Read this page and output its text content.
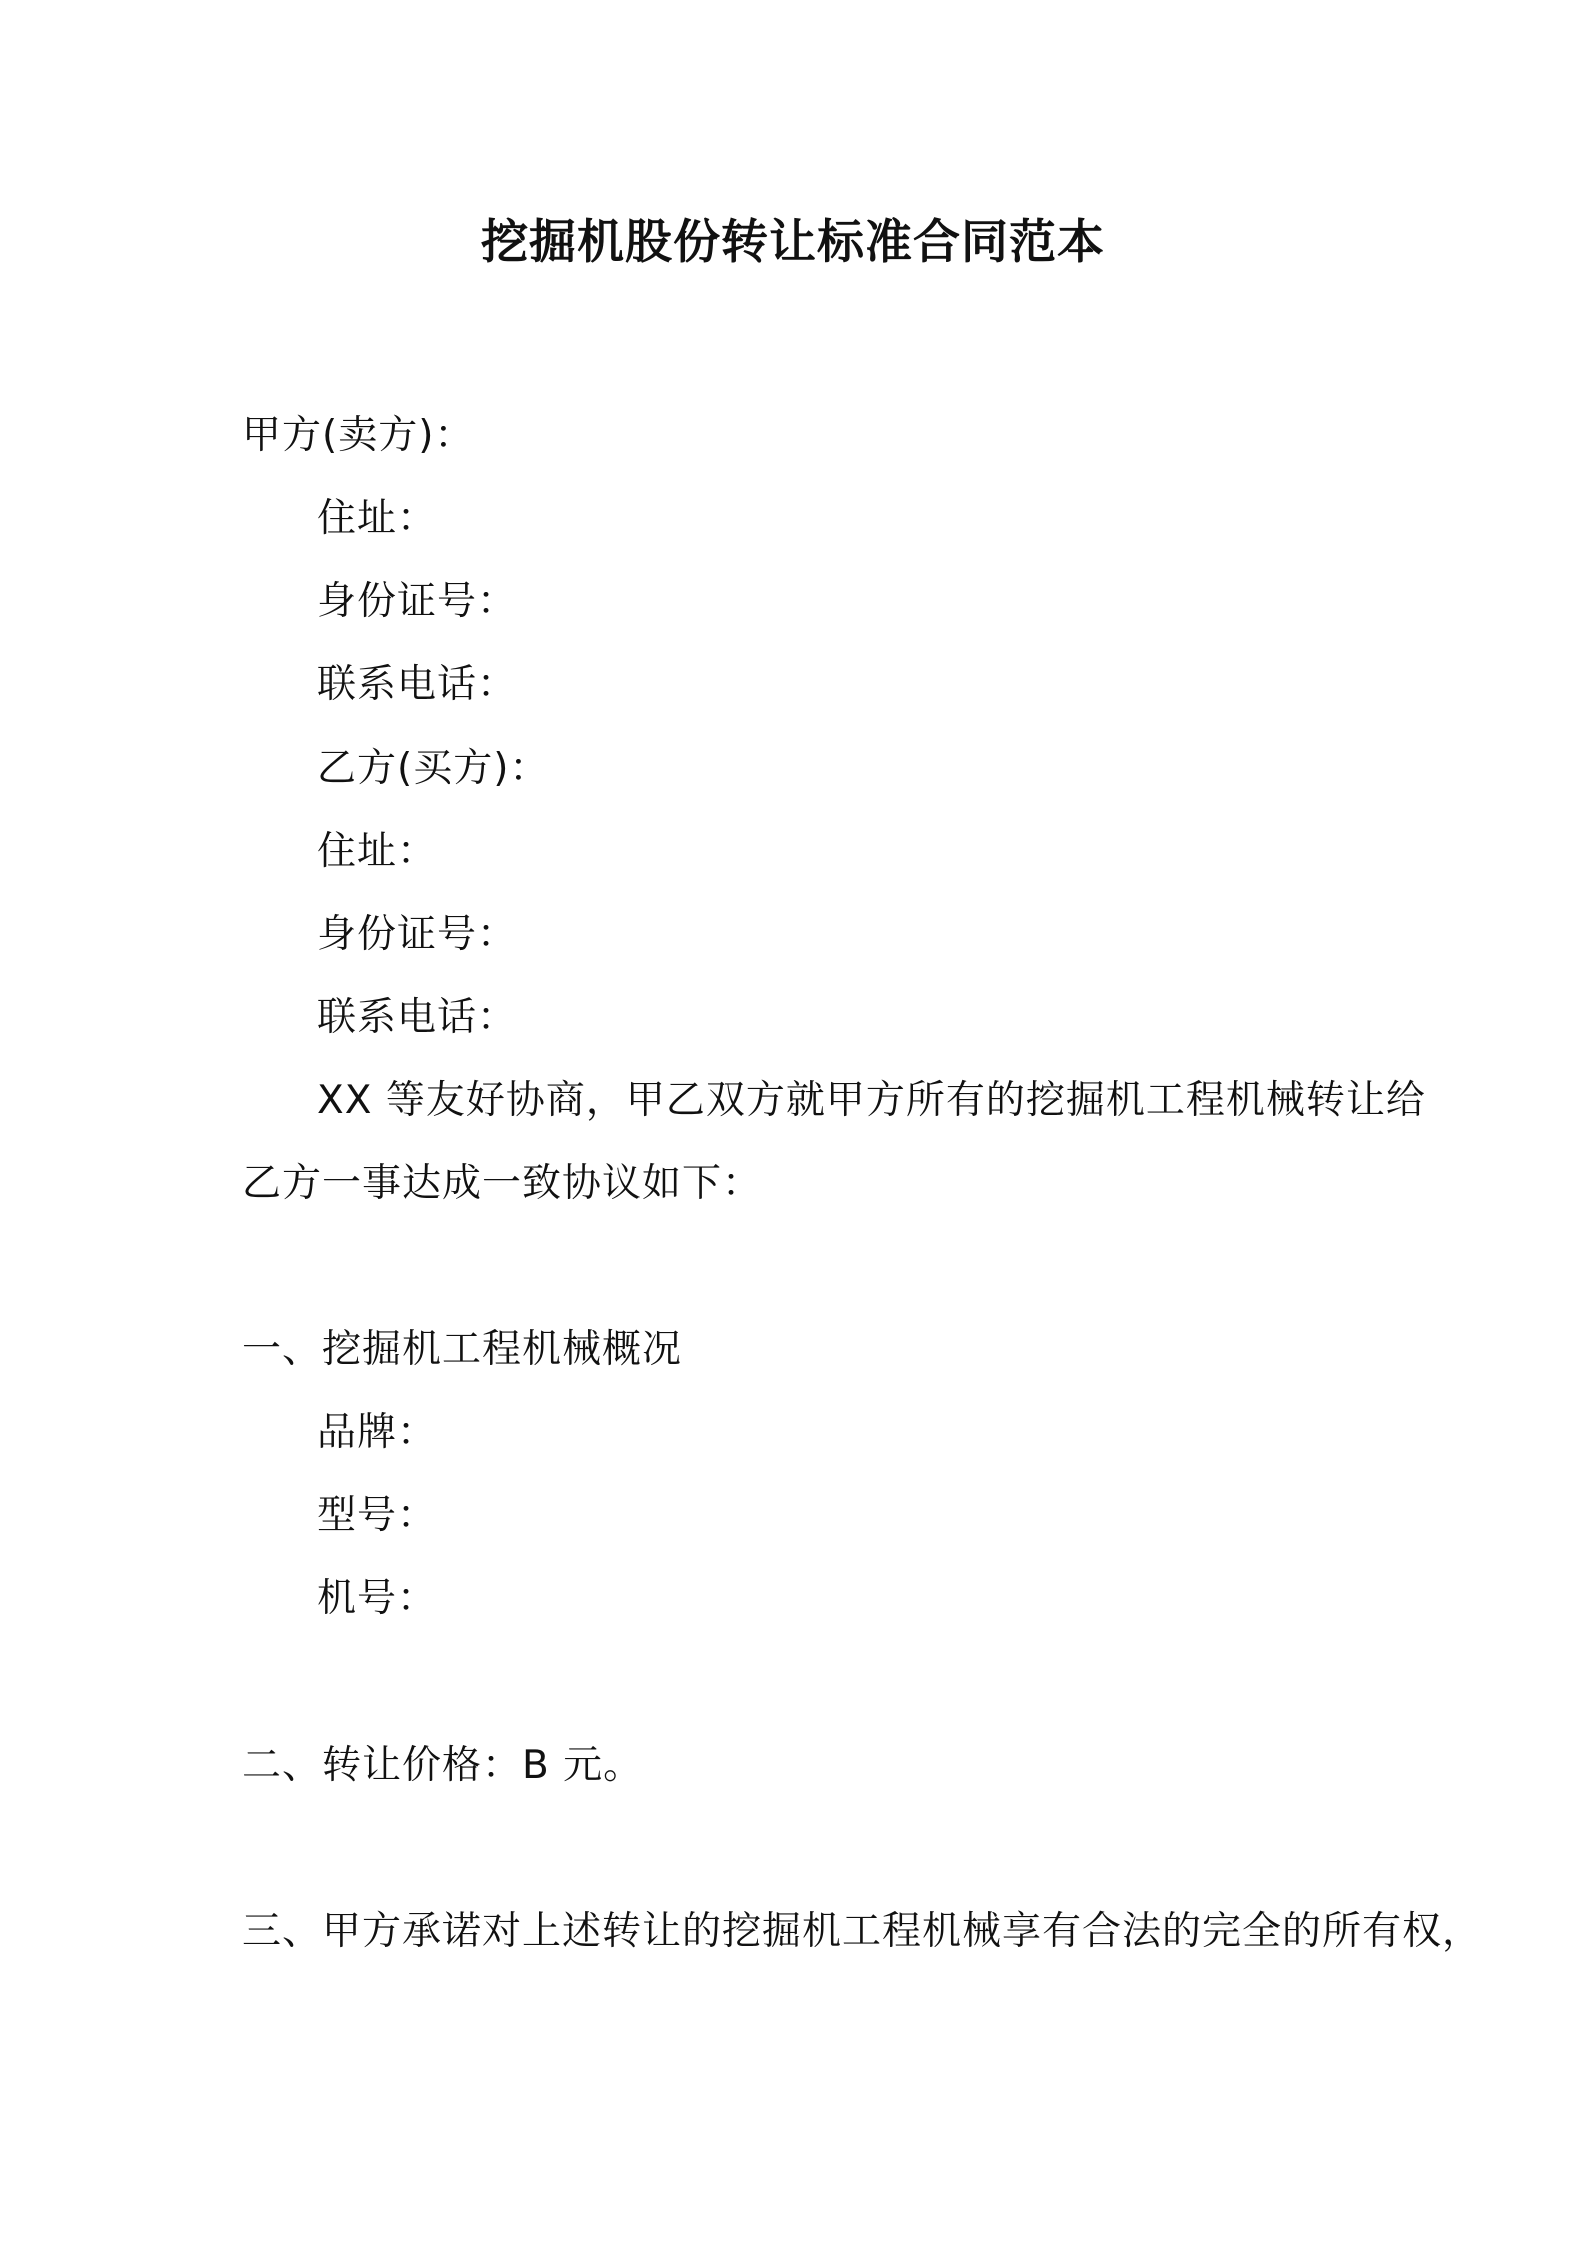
挖掘机股份转让标准合同范本
甲方(卖方)：
住址：
身份证号：
联系电话：
乙方(买方)：
住址：
身份证号：
联系电话：
XX 等友好协商，甲乙双方就甲方所有的挖掘机工程机械转让给
乙方一事达成一致协议如下：
一、挖掘机工程机械概况
品牌：
型号：
机号：
二、转让价格：B 元。
三、甲方承诺对上述转让的挖掘机工程机械享有合法的完全的所有权，
